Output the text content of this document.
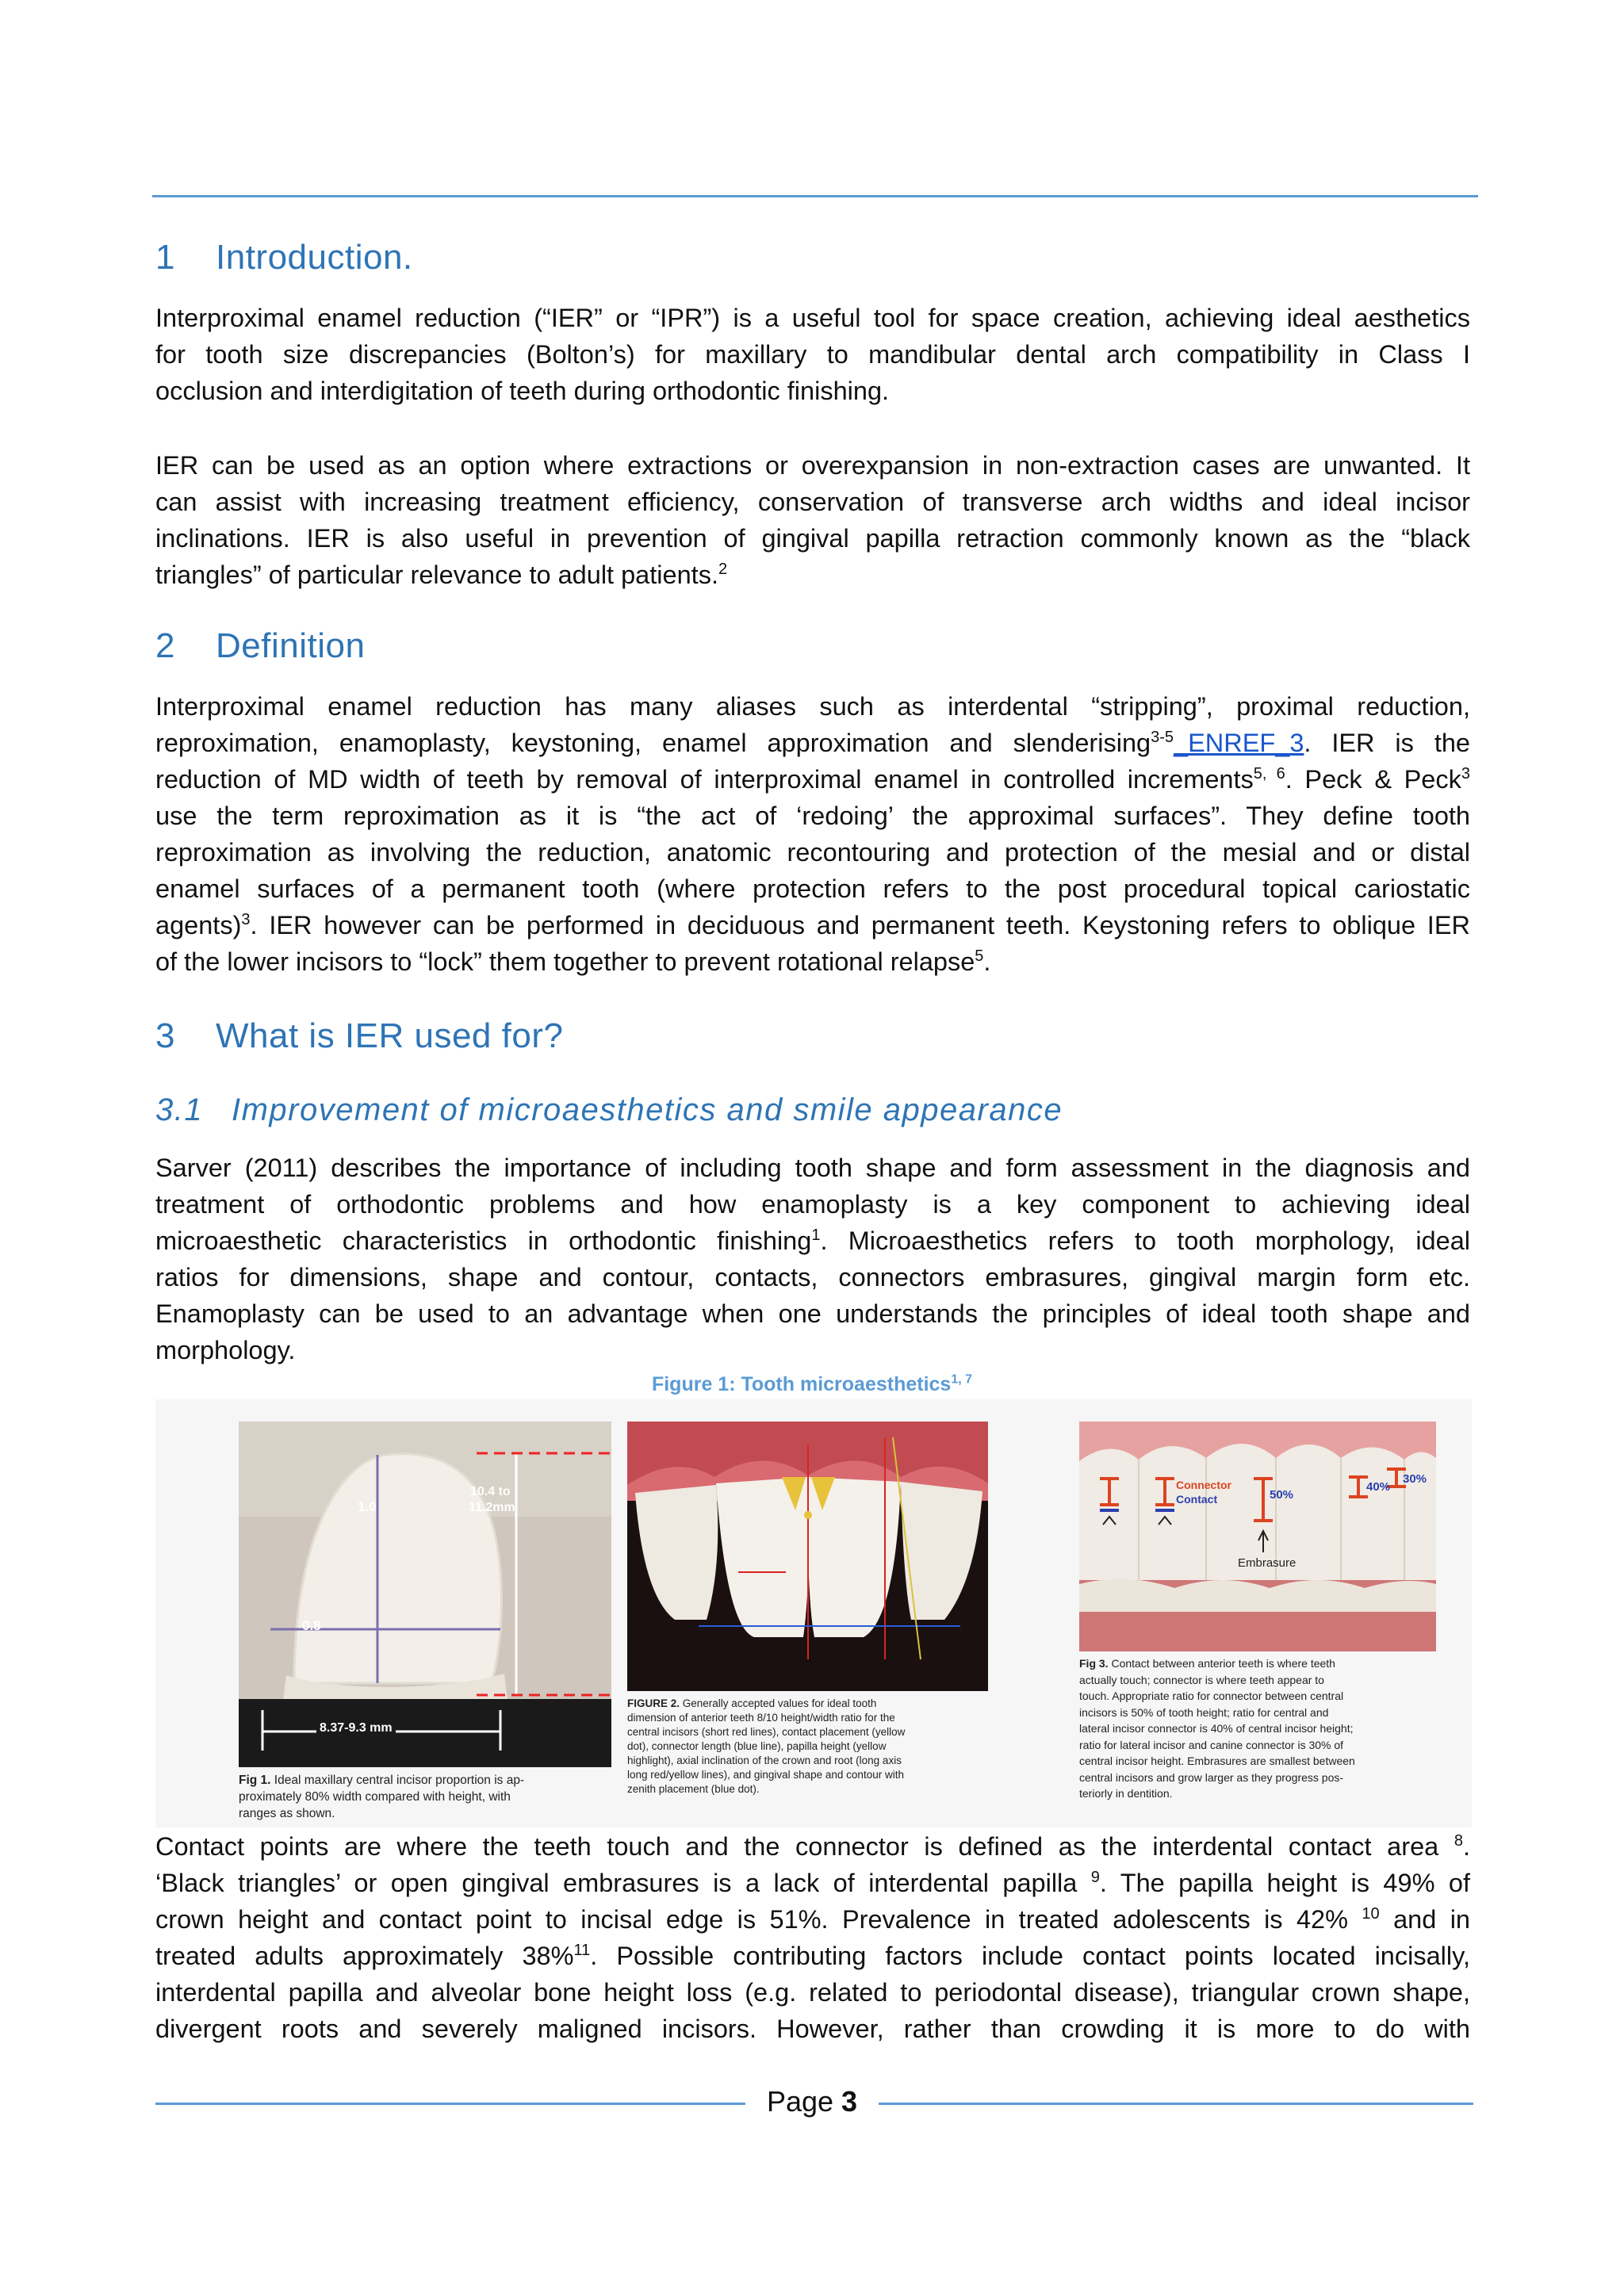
1 Introduction.
Interproximal enamel reduction (“IER” or “IPR”) is a useful tool for space creation, achieving ideal aesthetics
for tooth size discrepancies (Bolton’s) for maxillary to mandibular dental arch compatibility in Class I
occlusion and interdigitation of teeth during orthodontic finishing.
IER can be used as an option where extractions or overexpansion in non-extraction cases are unwanted. It
can assist with increasing treatment efficiency, conservation of transverse arch widths and ideal incisor
inclinations. IER is also useful in prevention of gingival papilla retraction commonly known as the “black
triangles” of particular relevance to adult patients.$^2$
2 Definition
Interproximal enamel reduction has many aliases such as interdental “stripping”, proximal reduction,
reproximation, enamoplasty, keystoning, enamel approximation and slenderising$^{3-5}$_ENREF_3. IER is the
reduction of MD width of teeth by removal of interproximal enamel in controlled increments$^{5, 6}$. Peck & Peck$^3$
use the term reproximation as it is “the act of ‘redoing’ the approximal surfaces”. They define tooth
reproximation as involving the reduction, anatomic recontouring and protection of the mesial and or distal
enamel surfaces of a permanent tooth (where protection refers to the post procedural topical cariostatic
agents)$^3$. IER however can be performed in deciduous and permanent teeth. Keystoning refers to oblique IER
of the lower incisors to “lock” them together to prevent rotational relapse$^5$.
3 What is IER used for?
3.1 Improvement of microaesthetics and smile appearance
Sarver (2011) describes the importance of including tooth shape and form assessment in the diagnosis and
treatment of orthodontic problems and how enamoplasty is a key component to achieving ideal
microaesthetic characteristics in orthodontic finishing$^1$. Microaesthetics refers to tooth morphology, ideal
ratios for dimensions, shape and contour, contacts, connectors embrasures, gingival margin form etc.
Enamoplasty can be used to an advantage when one understands the principles of ideal tooth shape and
morphology.
Figure 1: Tooth microaesthetics$^{1, 7}$
1.0
10.4 to
11.2mm
0.8
8.37-9.3 mm
Fig 1. Ideal maxillary central incisor proportion is ap-
proximately 80% width compared with height, with
ranges as shown.
FIGURE 2. Generally accepted values for ideal tooth
dimension of anterior teeth 8/10 height/width ratio for the
central incisors (short red lines), contact placement (yellow
dot), connector length (blue line), papilla height (yellow
highlight), axial inclination of the crown and root (long axis
long red/yellow lines), and gingival shape and contour with
zenith placement (blue dot).
Connector
Contact	50%
40%
30%
Embrasure
Fig 3. Contact between anterior teeth is where teeth
actually touch; connector is where teeth appear to
touch. Appropriate ratio for connector between central
incisors is 50% of tooth height; ratio for central and
lateral incisor connector is 40% of central incisor height;
ratio for lateral incisor and canine connector is 30% of
central incisor height. Embrasures are smallest between
central incisors and grow larger as they progress pos-
teriorly in dentition.
Contact points are where the teeth touch and the connector is defined as the interdental contact area $^8$.
‘Black triangles’ or open gingival embrasures is a lack of interdental papilla $^9$. The papilla height is 49% of
crown height and contact point to incisal edge is 51%. Prevalence in treated adolescents is 42% $^{10}$ and in
treated adults approximately 38%$^{11}$. Possible contributing factors include contact points located incisally,
interdental papilla and alveolar bone height loss (e.g. related to periodontal disease), triangular crown shape,
divergent roots and severely maligned incisors. However, rather than crowding it is more to do with
Page 3
